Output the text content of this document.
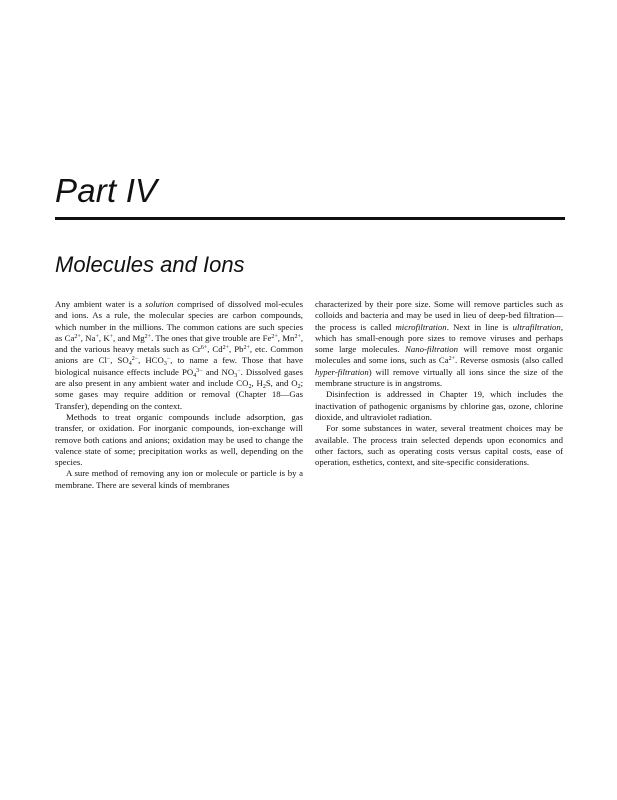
Part IV
Molecules and Ions

Any ambient water is a solution comprised of dissolved mol-ecules and ions. As a rule, the molecular species are carbon compounds, which number in the millions. The common cations are such species as $Ca^{2+}$, Na+, K+, and $Mg^{2+}$. The ones that give trouble are $Fe^{2+}$, $Mn^{2+}$, and the various heavy metals such as $Cr^{6+}$, $Cd^{2+}$, $Pb^{2+}$, etc. Common anions are Cl−, $SO_4^{2-}$, $HCO_3^-$, to name a few. Those that have biological nuisance effects include $PO_4^{3-}$ and $NO_3^-$. Dissolved gases are also present in any ambient water and include $CO_2$, $H_2S$, and $O_2$; some gases may require addition or removal (Chapter 18—Gas Transfer), depending on the context.

Methods to treat organic compounds include adsorption, gas transfer, or oxidation. For inorganic compounds, ion-exchange will remove both cations and anions; oxidation may be used to change the valence state of some; precipitation works as well, depending on the species.

A sure method of removing any ion or molecule or particle is by a membrane. There are several kinds of membranes

characterized by their pore size. Some will remove particles such as colloids and bacteria and may be used in lieu of deep-bed filtration—the process is called microfiltration. Next in line is ultrafiltration, which has small-enough pore sizes to remove viruses and perhaps some large molecules. Nano-filtration will remove most organic molecules and some ions, such as $Ca^{2+}$. Reverse osmosis (also called hyper-filtration) will remove virtually all ions since the size of the membrane structure is in angstroms.

Disinfection is addressed in Chapter 19, which includes the inactivation of pathogenic organisms by chlorine gas, ozone, chlorine dioxide, and ultraviolet radiation.

For some substances in water, several treatment choices may be available. The process train selected depends upon economics and other factors, such as operating costs versus capital costs, ease of operation, esthetics, context, and site-specific considerations.
